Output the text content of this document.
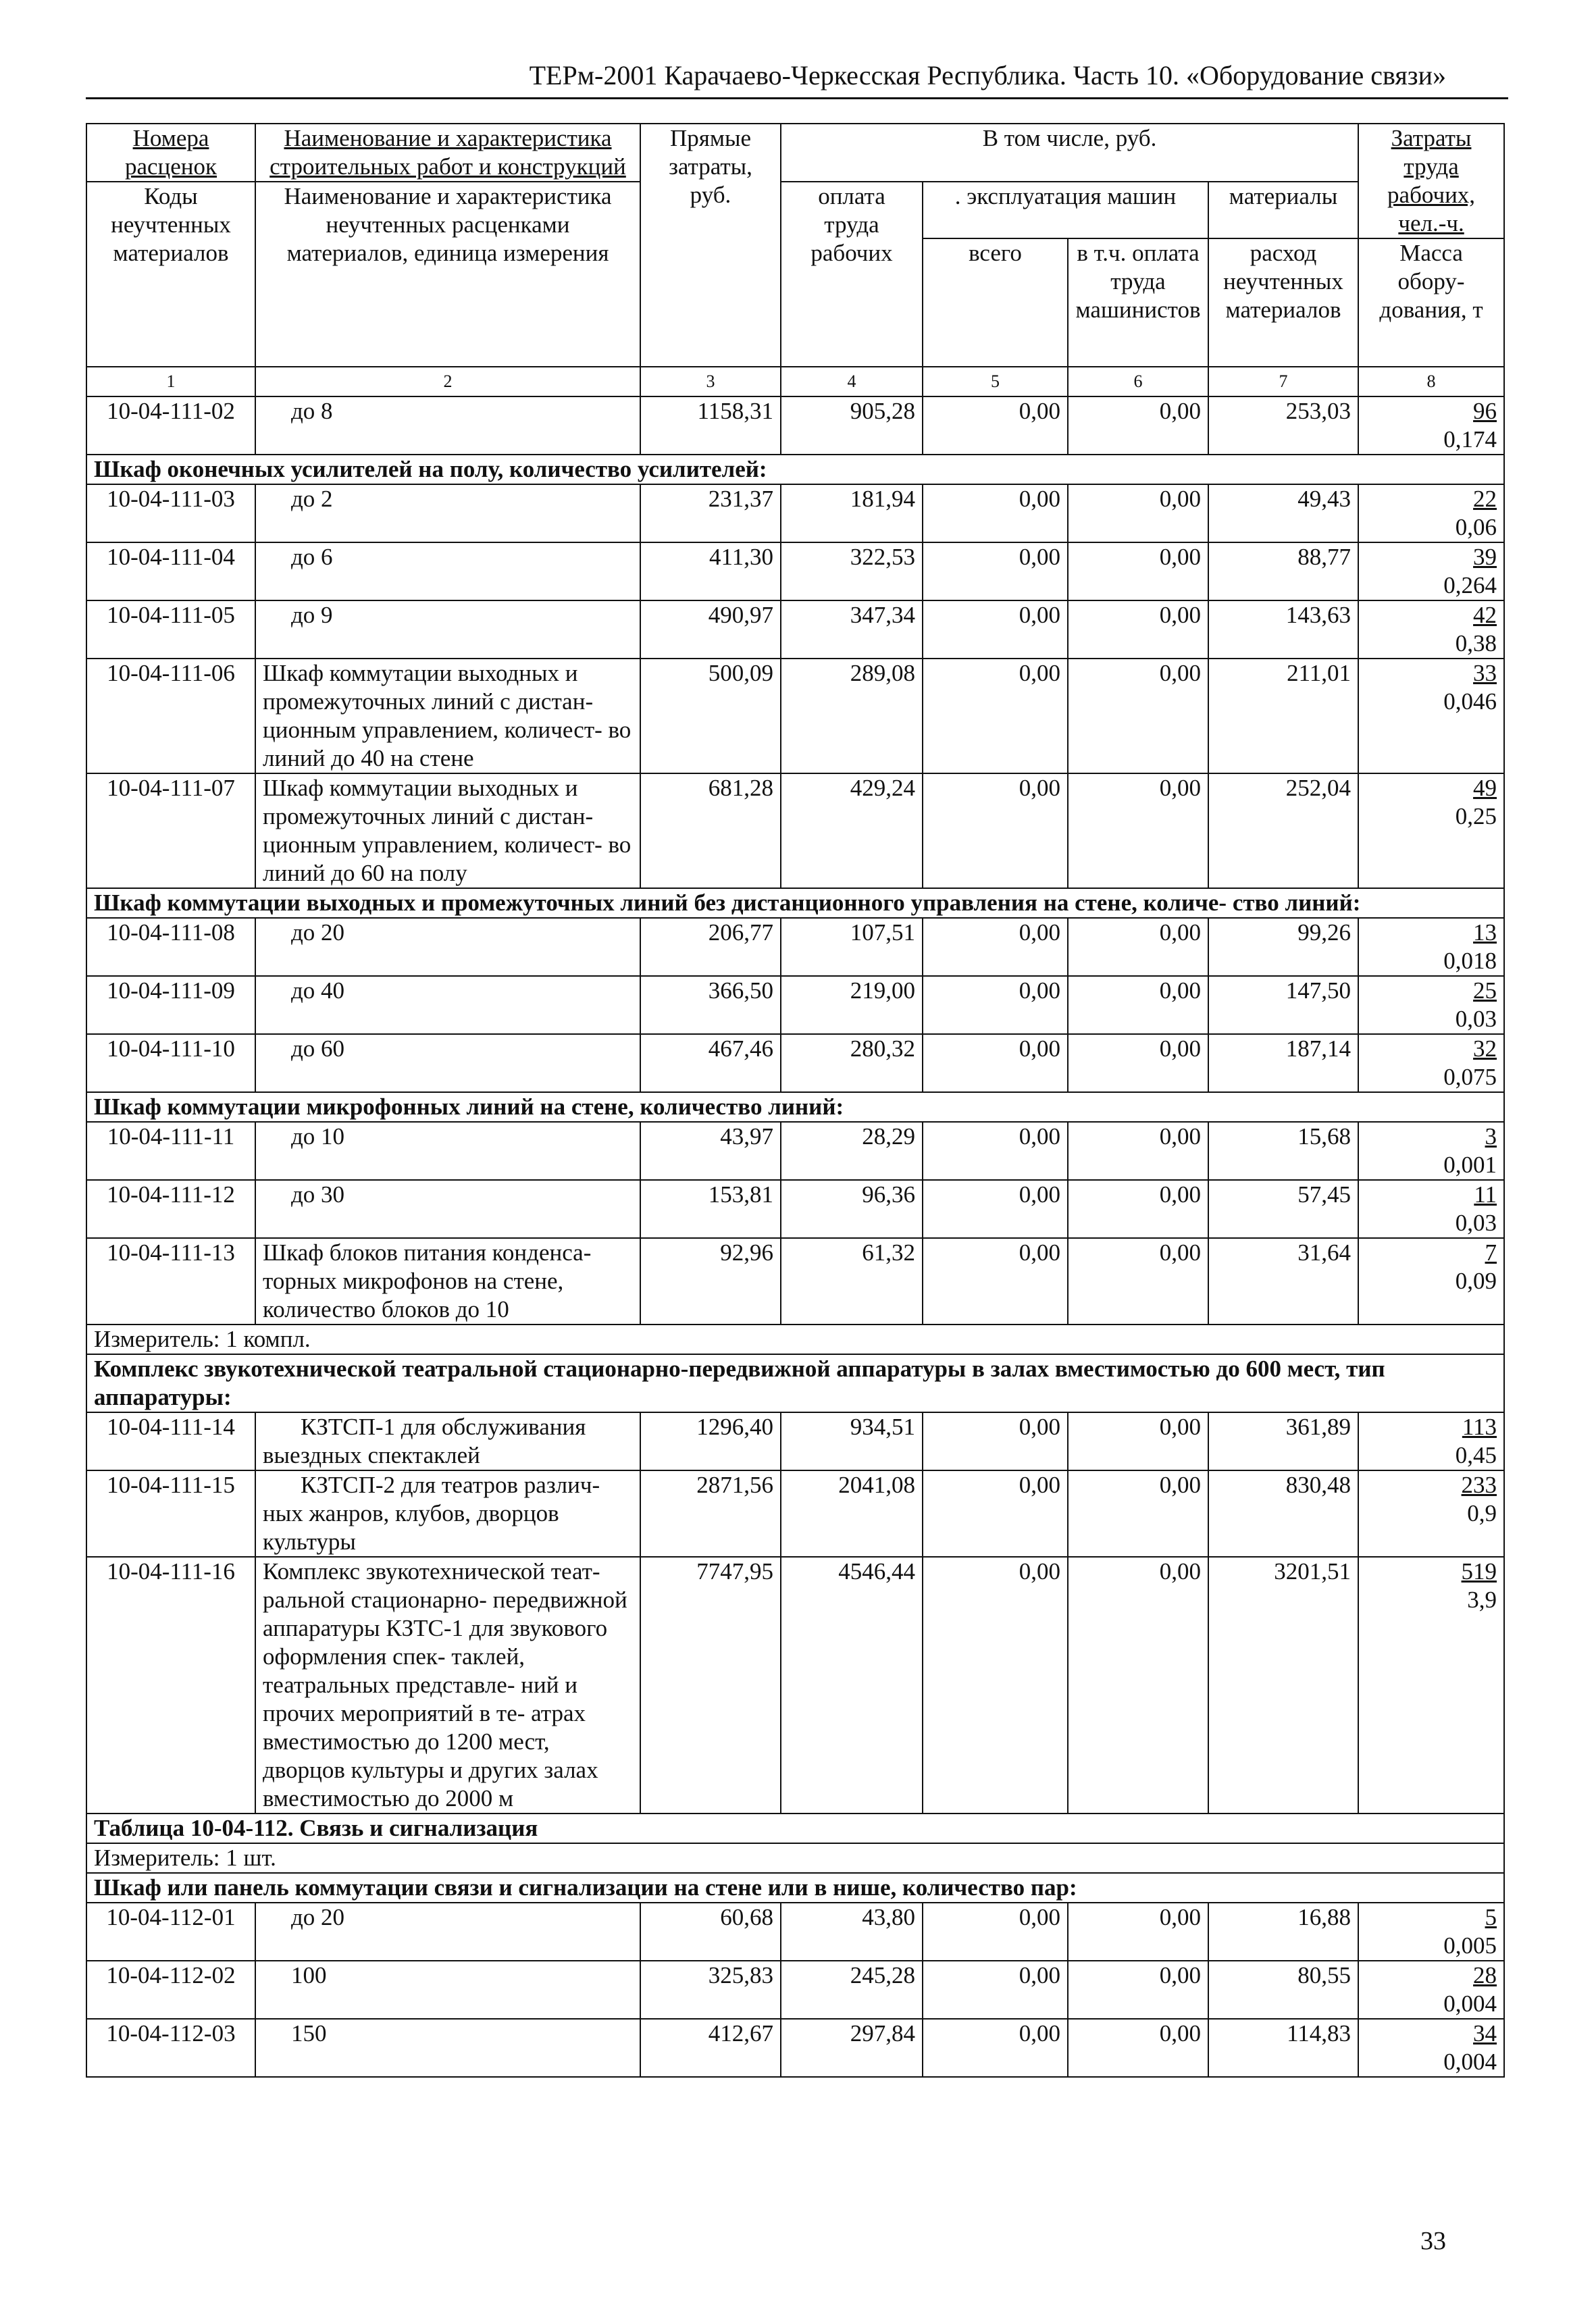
ТЕРм-2001 Карачаево-Черкесская Республика. Часть 10. «Оборудование связи»
Номера расценок	Наименование и характеристика строительных работ и конструкций	Прямые затраты, руб.	В том числе, руб.				Затраты труда рабочих, чел.-ч.
Коды неучтенных материалов	Наименование и характеристика неучтенных расценками материалов, единица измерения		оплата труда рабочих	. эксплуатация машин		материалы	
				всего	в т.ч. оплата труда машинистов	расход неучтенных материалов	Масса обору- дования, т
1	2	3	4	5	6	7	8
10-04-111-02	до 8	1158,31	905,28	0,00	0,00	253,03	96
0,174

Шкаф оконечных усилителей на полу, количество усилителей:							
10-04-111-03	до 2	231,37	181,94	0,00	0,00	49,43	22
0,06

10-04-111-04	до 6	411,30	322,53	0,00	0,00	88,77	39
0,264

10-04-111-05	до 9	490,97	347,34	0,00	0,00	143,63	42
0,38

10-04-111-06	Шкаф коммутации выходных и промежуточных линий с дистан- ционным управлением, количест- во линий до 40 на стене	500,09	289,08	0,00	0,00	211,01	33
0,046

10-04-111-07	Шкаф коммутации выходных и промежуточных линий с дистан- ционным управлением, количест- во линий до 60 на полу	681,28	429,24	0,00	0,00	252,04	49
0,25

Шкаф коммутации выходных и промежуточных линий без дистанционного управления на стене, количе- ство линий:							
10-04-111-08	до 20	206,77	107,51	0,00	0,00	99,26	13
0,018

10-04-111-09	до 40	366,50	219,00	0,00	0,00	147,50	25
0,03

10-04-111-10	до 60	467,46	280,32	0,00	0,00	187,14	32
0,075

Шкаф коммутации микрофонных линий на стене, количество линий:							
10-04-111-11	до 10	43,97	28,29	0,00	0,00	15,68	3
0,001

10-04-111-12	до 30	153,81	96,36	0,00	0,00	57,45	11
0,03

10-04-111-13	Шкаф блоков питания конденса- торных микрофонов на стене, количество блоков до 10	92,96	61,32	0,00	0,00	31,64	7
0,09

Измеритель: 1 компл.							
Комплекс звукотехнической театральной стационарно-передвижной аппаратуры в залах вместимостью до 600 мест, тип аппаратуры:							
10-04-111-14	КЗТСП-1 для обслуживания выездных спектаклей	1296,40	934,51	0,00	0,00	361,89	113
0,45

10-04-111-15	КЗТСП-2 для театров различ- ных жанров, клубов, дворцов культуры	2871,56	2041,08	0,00	0,00	830,48	233
0,9

10-04-111-16	Комплекс звукотехнической теат- ральной стационарно- передвижной аппаратуры КЗТС-1 для звукового оформления спек- таклей, театральных представле- ний и прочих мероприятий в те- атрах вместимостью до 1200 мест, дворцов культуры и других залах вместимостью до 2000 м	7747,95	4546,44	0,00	0,00	3201,51	519
3,9

Таблица 10-04-112. Связь и сигнализация							
Измеритель: 1 шт.							
Шкаф или панель коммутации связи и сигнализации на стене или в нише, количество пар:							
10-04-112-01	до 20	60,68	43,80	0,00	0,00	16,88	5
0,005

10-04-112-02	100	325,83	245,28	0,00	0,00	80,55	28
0,004

10-04-112-03	150	412,67	297,84	0,00	0,00	114,83	34
0,004
33
